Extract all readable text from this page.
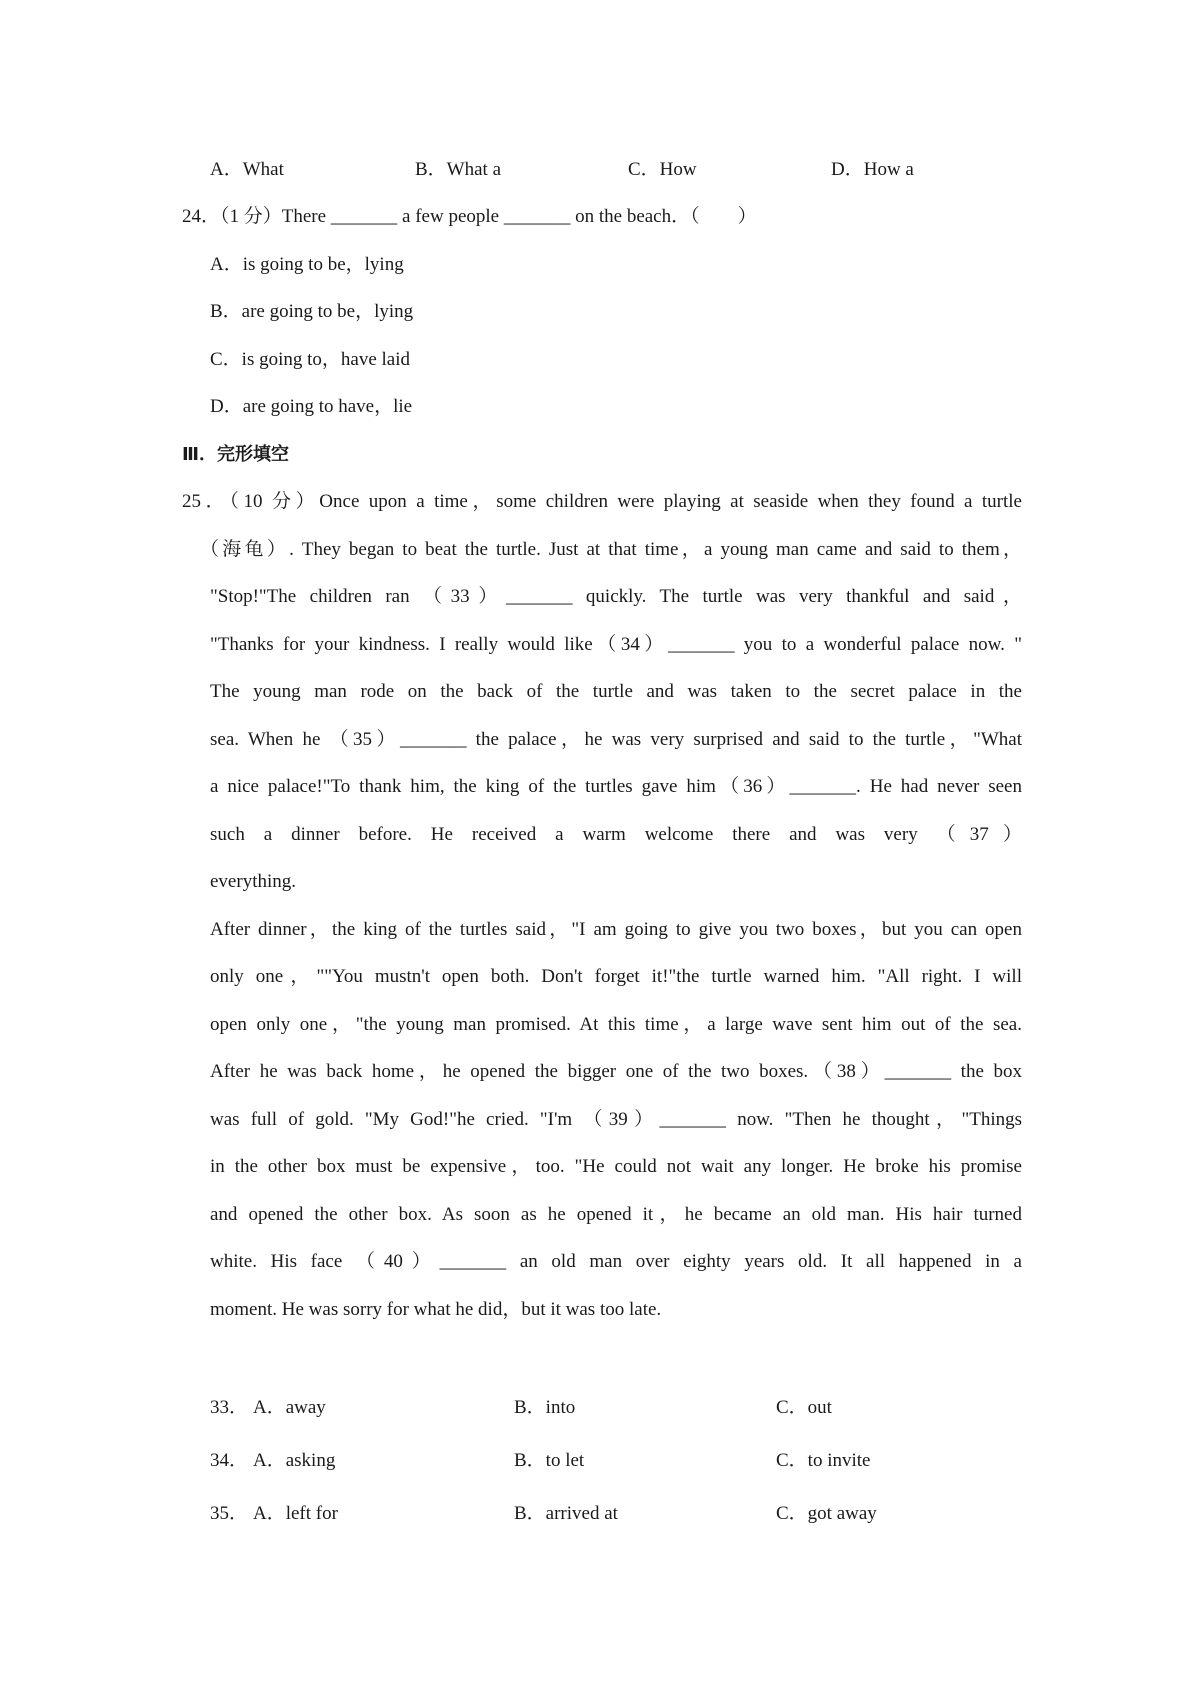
A．What	B．What a	C．How	D．How a
24．（1 分）There _______ a few people _______ on the beach．（　　）
A．is going to be，lying
B．are going to be，lying
C．is going to，have laid
D．are going to have，lie
Ⅲ．完形填空
25．（10 分）Once upon a time，some children were playing at seaside when they found a turtle
（海龟）. They began to beat the turtle. Just at that time，a young man came and said to them，
"Stop!"The children ran （33）_______ quickly. The turtle was very thankful and said，
"Thanks for your kindness. I really would like（34）_______ you to a wonderful palace now. "
The young man rode on the back of the turtle and was taken to the secret palace in the
sea. When he （35）_______ the palace，he was very surprised and said to the turtle，"What
a nice palace!"To thank him, the king of the turtles gave him（36）_______. He had never seen
such a dinner before. He received a warm welcome there and was very （37）
everything.
After dinner，the king of the turtles said，"I am going to give you two boxes，but you can open
only one，""You mustn't open both. Don't forget it!"the turtle warned him. "All right. I will
open only one，"the young man promised. At this time，a large wave sent him out of the sea.
After he was back home，he opened the bigger one of the two boxes.（38）_______ the box
was full of gold. "My God!"he cried. "I'm （39）_______ now. "Then he thought，"Things
in the other box must be expensive，too. "He could not wait any longer. He broke his promise
and opened the other box. As soon as he opened it，he became an old man. His hair turned
white. His face （40）_______ an old man over eighty years old. It all happened in a
moment. He was sorry for what he did，but it was too late.
33． A．away	B．into	C．out
34． A．asking	B．to let	C．to invite
35． A．left for	B．arrived at	C．got away
